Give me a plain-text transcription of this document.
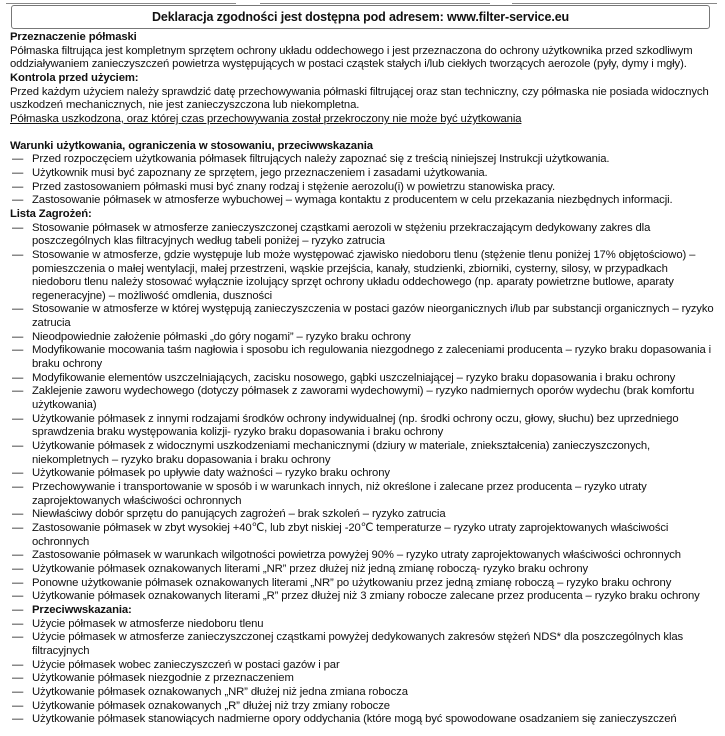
Deklaracja zgodności jest dostępna pod adresem: www.filter-service.eu

Przeznaczenie półmaski

Półmaska filtrująca jest kompletnym sprzętem ochrony układu oddechowego i jest przeznaczona do ochrony użytkownika przed szkodliwym oddziaływaniem zanieczyszczeń powietrza występujących w postaci cząstek stałych i/lub ciekłych tworzących aerozole (pyły, dymy i mgły).

Kontrola przed użyciem:

Przed każdym użyciem należy sprawdzić datę przechowywania półmaski filtrującej oraz stan techniczny, czy półmaska nie posiada widocznych uszkodzeń mechanicznych, nie jest zanieczyszczona lub niekompletna.

Półmaska uszkodzona, oraz której czas przechowywania został przekroczony nie może być użytkowania

Warunki użytkowania, ograniczenia w stosowaniu, przeciwwskazania

— Przed rozpoczęciem użytkowania półmasek filtrujących należy zapoznać się z treścią niniejszej Instrukcji użytkowania.
— Użytkownik musi być zapoznany ze sprzętem, jego przeznaczeniem i zasadami użytkowania.
— Przed zastosowaniem półmaski musi być znany rodzaj i stężenie aerozolu(i) w powietrzu stanowiska pracy.
— Zastosowanie półmasek w atmosferze wybuchowej – wymaga kontaktu z producentem w celu przekazania niezbędnych informacji.

Lista Zagrożeń:

— Stosowanie półmasek w atmosferze zanieczyszczonej cząstkami aerozoli w stężeniu przekraczającym dedykowany zakres dla poszczególnych klas filtracyjnych według tabeli poniżej – ryzyko zatrucia
— Stosowanie w atmosferze, gdzie występuje lub może występować zjawisko niedoboru tlenu (stężenie tlenu poniżej 17% objętościowo) – pomieszczenia o małej wentylacji, małej przestrzeni, wąskie przejścia, kanały, studzienki, zbiorniki, cysterny, silosy, w przypadkach niedoboru tlenu należy stosować wyłącznie izolujący sprzęt ochrony układu oddechowego (np. aparaty powietrzne butlowe, aparaty regeneracyjne) – możliwość omdlenia, duszności
— Stosowanie w atmosferze w której występują zanieczyszczenia w postaci gazów nieorganicznych i/lub par substancji organicznych – ryzyko zatrucia
— Nieodpowiednie założenie półmaski „do góry nogami” – ryzyko braku ochrony
— Modyfikowanie mocowania taśm nagłowia i sposobu ich regulowania niezgodnego z zaleceniami producenta – ryzyko braku dopasowania i braku ochrony
— Modyfikowanie elementów uszczelniających, zacisku nosowego, gąbki uszczelniającej – ryzyko braku dopasowania i braku ochrony
— Zaklejenie zaworu wydechowego (dotyczy półmasek z zaworami wydechowymi) – ryzyko nadmiernych oporów wydechu (brak komfortu użytkowania)
— Użytkowanie półmasek z innymi rodzajami środków ochrony indywidualnej (np. środki ochrony oczu, głowy, słuchu) bez uprzedniego sprawdzenia braku występowania kolizji- ryzyko braku dopasowania i braku ochrony
— Użytkowanie półmasek z widocznymi uszkodzeniami mechanicznymi (dziury w materiale, zniekształcenia) zanieczyszczonych, niekompletnych – ryzyko braku dopasowania i braku ochrony
— Użytkowanie półmasek po upływie daty ważności – ryzyko braku ochrony
— Przechowywanie i transportowanie w sposób i w warunkach innych, niż określone i zalecane przez producenta – ryzyko utraty zaprojektowanych właściwości ochronnych
— Niewłaściwy dobór sprzętu do panujących zagrożeń – brak szkoleń – ryzyko zatrucia
— Zastosowanie półmasek w zbyt wysokiej +40℃, lub zbyt niskiej -20℃ temperaturze – ryzyko utraty zaprojektowanych właściwości ochronnych
— Zastosowanie półmasek w warunkach wilgotności powietrza powyżej 90% – ryzyko utraty zaprojektowanych właściwości ochronnych
— Użytkowanie półmasek oznakowanych literami „NR” przez dłużej niż jedną zmianę roboczą- ryzyko braku ochrony
— Ponowne użytkowanie półmasek oznakowanych literami „NR” po użytkowaniu przez jedną zmianę roboczą – ryzyko braku ochrony
— Użytkowanie półmasek oznakowanych literami „R” przez dłużej niż 3 zmiany robocze zalecane przez producenta – ryzyko braku ochrony
— Przeciwwskazania:
— Użycie półmasek w atmosferze niedoboru tlenu
— Użycie półmasek w atmosferze zanieczyszczonej cząstkami powyżej dedykowanych zakresów stężeń NDS* dla poszczególnych klas filtracyjnych
— Użycie półmasek wobec zanieczyszczeń w postaci gazów i par
— Użytkowanie półmasek niezgodnie z przeznaczeniem
— Użytkowanie półmasek oznakowanych „NR” dłużej niż jedna zmiana robocza
— Użytkowanie półmasek oznakowanych „R” dłużej niż trzy zmiany robocze
— Użytkowanie półmasek stanowiących nadmierne opory oddychania (które mogą być spowodowane osadzaniem się zanieczyszczeń
